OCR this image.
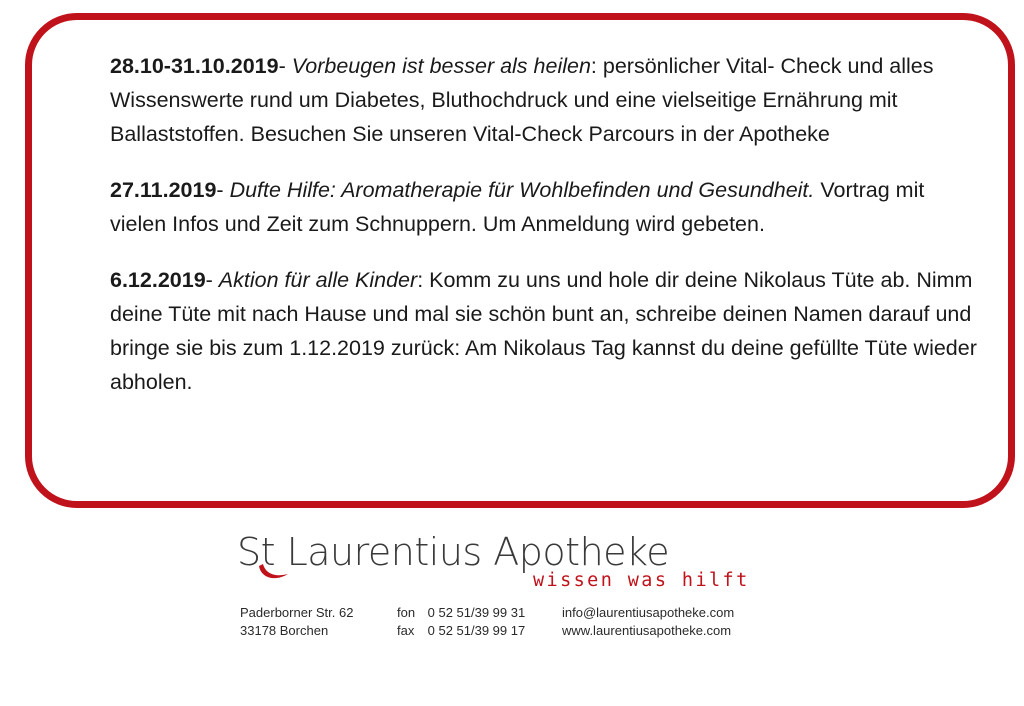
28.10-31.10.2019- Vorbeugen ist besser als heilen: persönlicher Vital- Check und alles Wissenswerte rund um Diabetes, Bluthochdruck und eine vielseitige Ernährung mit Ballaststoffen. Besuchen Sie unseren Vital-Check Parcours in der Apotheke

27.11.2019- Dufte Hilfe: Aromatherapie für Wohlbefinden und Gesundheit. Vortrag mit vielen Infos und Zeit zum Schnuppern. Um Anmeldung wird gebeten.

6.12.2019- Aktion für alle Kinder: Komm zu uns und hole dir deine Nikolaus Tüte ab. Nimm deine Tüte mit nach Hause und mal sie schön bunt an, schreibe deinen Namen darauf und bringe sie bis zum 1.12.2019 zurück: Am Nikolaus Tag kannst du deine gefüllte Tüte wieder abholen.

St Laurentius Apotheke
wissen was hilft
Paderborner Str. 62
33178 Borchen
fon 0 52 51/39 99 31
fax 0 52 51/39 99 17
info@laurentiusapotheke.com
www.laurentiusapotheke.com
